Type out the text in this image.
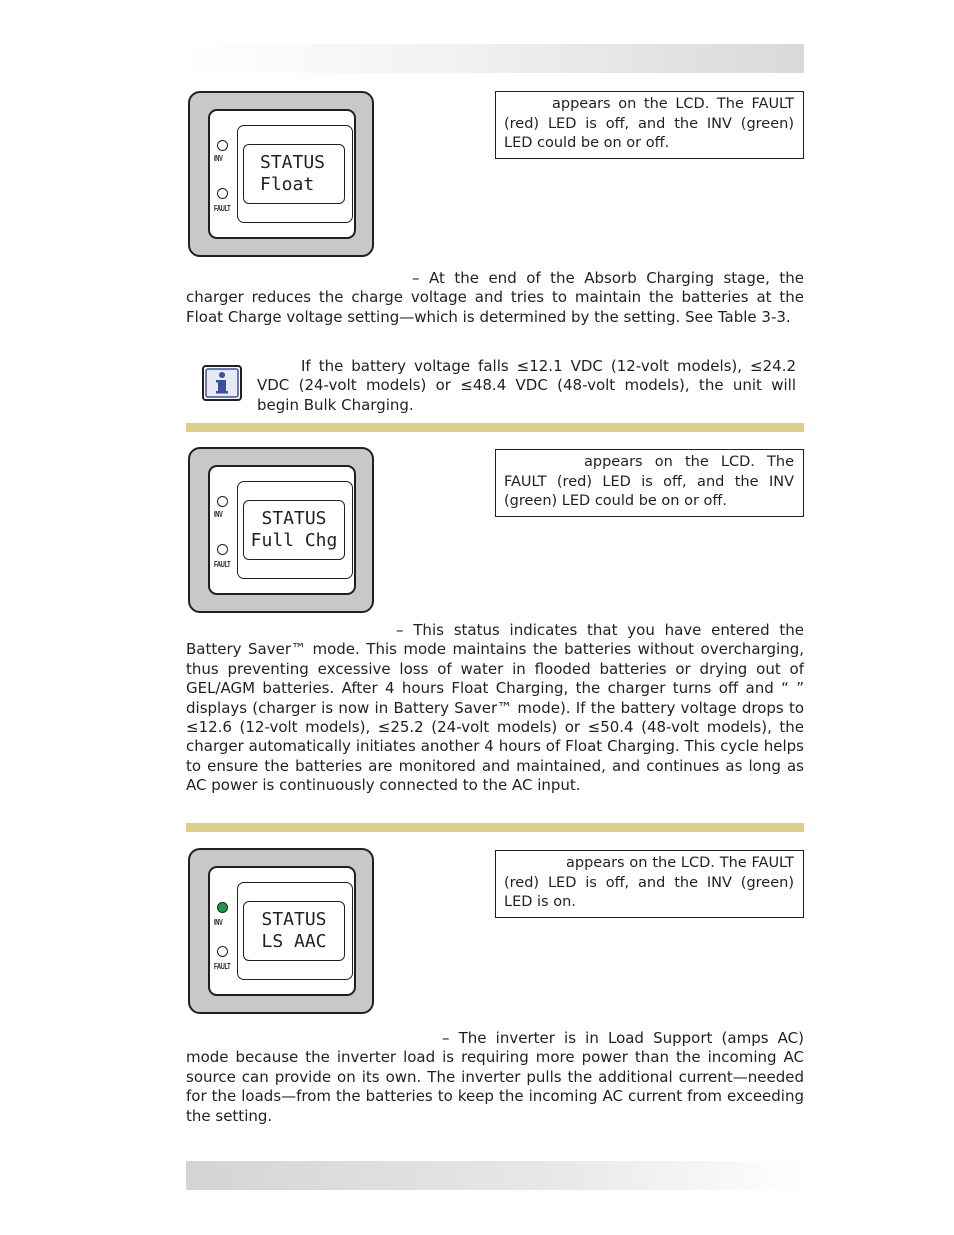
INV
FAULT
STATUS
Float
appears on the LCD. The FAULT (red) LED is off, and the INV (green) LED could be on or off.
– At the end of the Absorb Charging stage, the charger reduces the charge voltage and tries to maintain the batteries at the Float Charge voltage setting—which is determined by the setting. See Table 3-3.
If the battery voltage falls ≤12.1 VDC (12-volt models), ≤24.2 VDC (24-volt models) or ≤48.4 VDC (48-volt models), the unit will begin Bulk Charging.
INV
FAULT
STATUS
Full Chg
appears on the LCD. The FAULT (red) LED is off, and the INV (green) LED could be on or off.
– This status indicates that you have entered the Battery Saver™ mode. This mode maintains the batteries without overcharging, thus preventing excessive loss of water in flooded batteries or drying out of GEL/AGM batteries. After 4 hours Float Charging, the charger turns off and “ ” displays (charger is now in Battery Saver™ mode). If the battery voltage drops to ≤12.6 (12-volt models), ≤25.2 (24-volt models) or ≤50.4 (48-volt models), the charger automatically initiates another 4 hours of Float Charging. This cycle helps to ensure the batteries are monitored and maintained, and continues as long as AC power is continuously connected to the AC input.
INV
FAULT
STATUS
LS AAC
appears on the LCD. The FAULT (red) LED is off, and the INV (green) LED is on.
– The inverter is in Load Support (amps AC) mode because the inverter load is requiring more power than the incoming AC source can provide on its own. The inverter pulls the additional current—needed for the loads—from the batteries to keep the incoming AC current from exceeding the setting.
